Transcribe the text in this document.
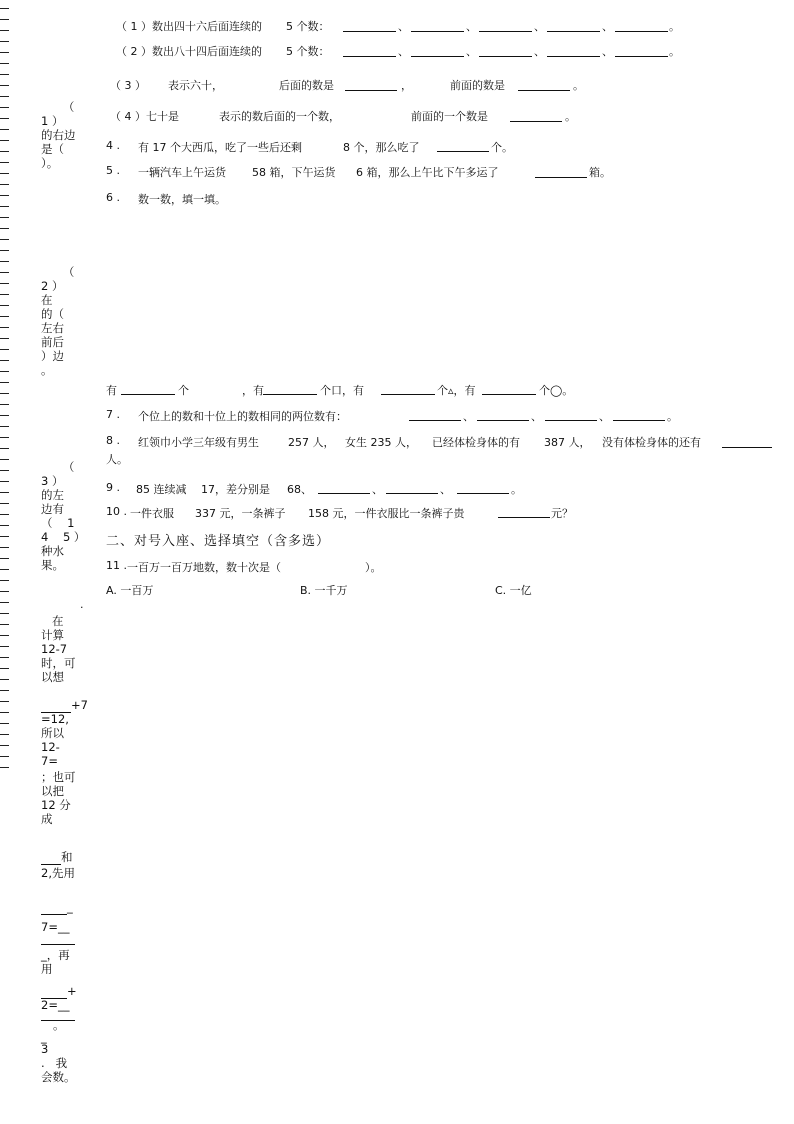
（
1 ）
的右边
是（
）。
（
2 ）
在
的（
左右
前后
）边
。
（
3 ）
的左
边有
（    1
4    5 ）
种水
果。
在
计算
12-7
时，可
以想
+7
=12,
所以
12-
7=
；也可
以把
12 分
成
和
2,先用
_
7=__
_，再
用
+
2=__
。
_
3
.   我
会数。
.
（ 1 ）数出四十六后面连续的 5 个数：	、	、	、	、	。
（ 2 ）数出八十四后面连续的 5 个数：	、	、	、	、	。
（ 3 ） 表示六十，	后面的数是	，	前面的数是	。
（ 4 ）七十是	表示的数后面的一个数，	前面的一个数是	。
4 . 有 17 个大西瓜，吃了一些后还剩	8 个，那么吃了	个。
5 . 一辆汽车上午运货 58 箱，下午运货 6 箱，那么上午比下午多运了	箱。
6 . 数一数，填一填。
有	个	，有	个口，有	个▵，有	个◯。
7 . 个位上的数和十位上的数相同的两位数有：	、	、	、	。
8 . 红领巾小学三年级有男生	257 人， 女生 235 人， 已经体检身体的有 387 人， 没有体检身体的还有
人。
9 . 85 连续减 17，差分别是 68、	、	、	。
10 . 一件衣服 337 元，一条裤子 158 元，一件衣服比一条裤子贵	元？
二、对号入座、选择填空（含多选）
11 . 一百万一百万地数，数十次是（	）。
A. 一百万	B. 一千万	C. 一亿
